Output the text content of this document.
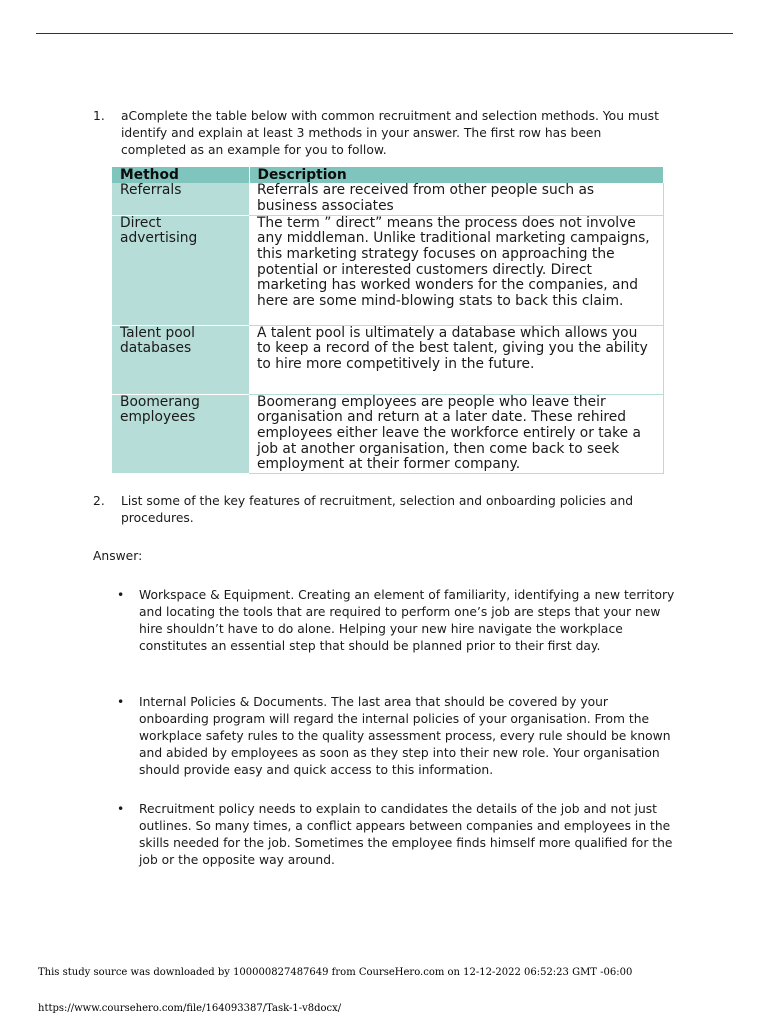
1. aComplete the table below with common recruitment and selection methods. You must identify and explain at least 3 methods in your answer. The first row has been completed as an example for you to follow.
Method	Description
Referrals	Referrals are received from other people such as business associates
Direct advertising	The term ” direct” means the process does not involve any middleman. Unlike traditional marketing campaigns, this marketing strategy focuses on approaching the potential or interested customers directly. Direct marketing has worked wonders for the companies, and here are some mind-blowing stats to back this claim.
Talent pool databases	A talent pool is ultimately a database which allows you to keep a record of the best talent, giving you the ability to hire more competitively in the future.
Boomerang employees	Boomerang employees are people who leave their organisation and return at a later date. These rehired employees either leave the workforce entirely or take a job at another organisation, then come back to seek employment at their former company.
2. List some of the key features of recruitment, selection and onboarding policies and procedures.
Answer:
• Workspace & Equipment. Creating an element of familiarity, identifying a new territory and locating the tools that are required to perform one’s job are steps that your new hire shouldn’t have to do alone. Helping your new hire navigate the workplace constitutes an essential step that should be planned prior to their first day.
• Internal Policies & Documents. The last area that should be covered by your onboarding program will regard the internal policies of your organisation. From the workplace safety rules to the quality assessment process, every rule should be known and abided by employees as soon as they step into their new role. Your organisation should provide easy and quick access to this information.
• Recruitment policy needs to explain to candidates the details of the job and not just outlines. So many times, a conflict appears between companies and employees in the skills needed for the job. Sometimes the employee finds himself more qualified for the job or the opposite way around.
This study source was downloaded by 100000827487649 from CourseHero.com on 12-12-2022 06:52:23 GMT -06:00
https://www.coursehero.com/file/164093387/Task-1-v8docx/
